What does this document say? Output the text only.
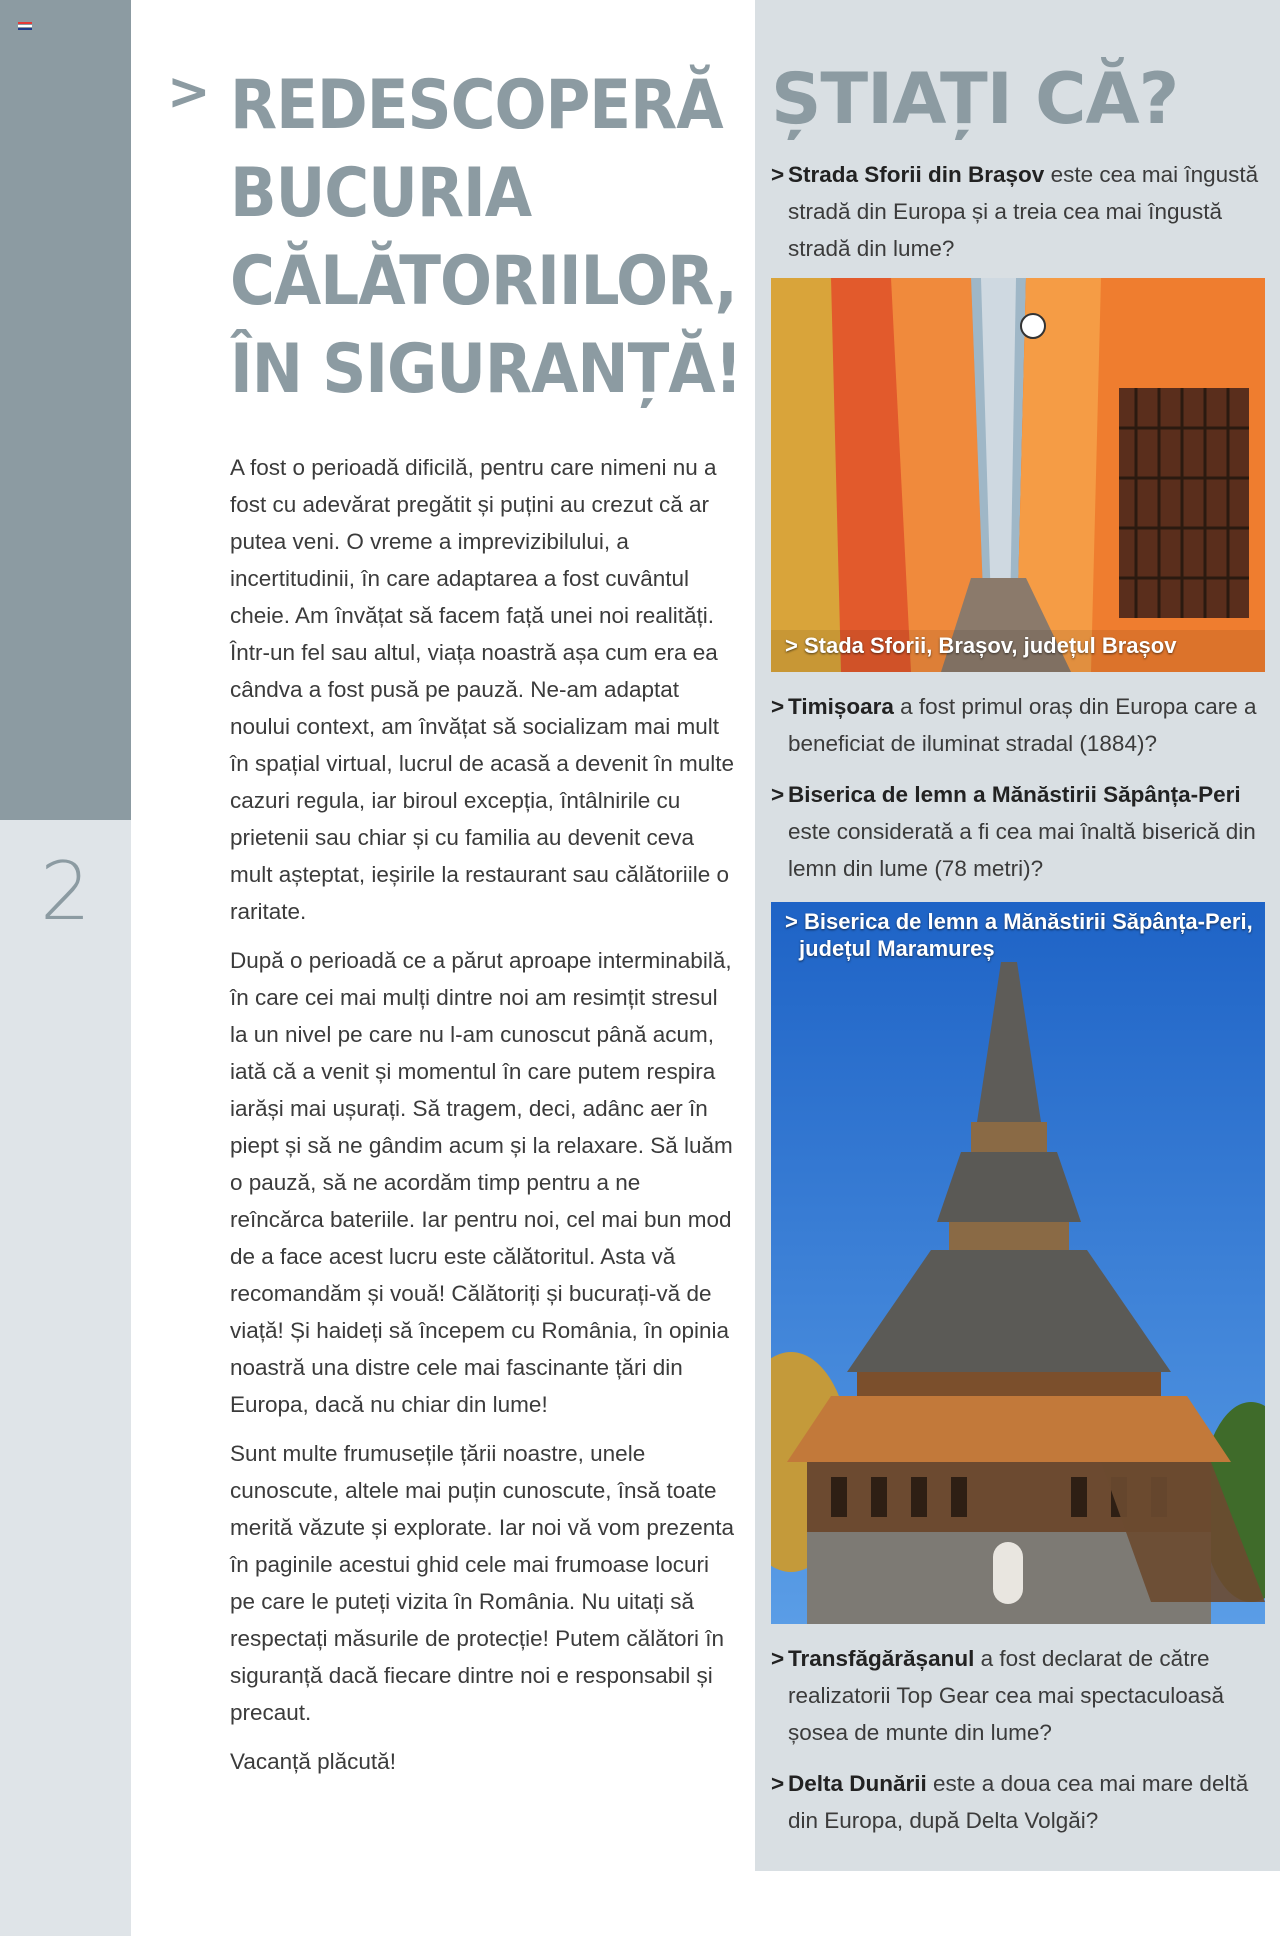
2
> REDESCOPERĂ
BUCURIA
CĂLĂTORIILOR,
ÎN SIGURANȚĂ!

A fost o perioadă dificilă, pentru care nimeni nu a fost cu adevărat pregătit și puțini au crezut că ar putea veni. O vreme a imprevizibilului, a incertitudinii, în care adaptarea a fost cuvântul cheie. Am învățat să facem față unei noi realități. Într-un fel sau altul, viața noastră așa cum era ea cândva a fost pusă pe pauză. Ne-am adaptat noului context, am învățat să socializam mai mult în spațial virtual, lucrul de acasă a devenit în multe cazuri regula, iar biroul excepția, întâlnirile cu prietenii sau chiar și cu familia au devenit ceva mult așteptat, ieșirile la restaurant sau călătoriile o raritate.

După o perioadă ce a părut aproape interminabilă, în care cei mai mulți dintre noi am resimțit stresul la un nivel pe care nu l-am cunoscut până acum, iată că a venit și momentul în care putem respira iarăși mai ușurați. Să tragem, deci, adânc aer în piept și să ne gândim acum și la relaxare. Să luăm o pauză, să ne acordăm timp pentru a ne reîncărca bateriile. Iar pentru noi, cel mai bun mod de a face acest lucru este călătoritul. Asta vă recomandăm și vouă! Călătoriți și bucurați-vă de viață! Și haideți să începem cu România, în opinia noastră una distre cele mai fascinante țări din Europa, dacă nu chiar din lume!

Sunt multe frumusețile țării noastre, unele cunoscute, altele mai puțin cunoscute, însă toate merită văzute și explorate. Iar noi vă vom prezenta în paginile acestui ghid cele mai frumoase locuri pe care le puteți vizita în România. Nu uitați să respectați măsurile de protecție! Putem călători în siguranță dacă fiecare dintre noi e responsabil și precaut.

Vacanță plăcută!

ȘTIAȚI CĂ?
> Strada Sforii din Brașov este cea mai îngustă stradă din Europa și a treia cea mai îngustă stradă din lume?
> Stada Sforii, Brașov, județul Brașov
> Timișoara a fost primul oraș din Europa care a beneficiat de iluminat stradal (1884)?
> Biserica de lemn a Mănăstirii Săpânța-Peri este considerată a fi cea mai înaltă biserică din lemn din lume (78 metri)?
> Biserica de lemn a Mănăstirii Săpânța-Peri,
județul Maramureș
> Transfăgărășanul a fost declarat de către realizatorii Top Gear cea mai spectaculoasă șosea de munte din lume?
> Delta Dunării este a doua cea mai mare deltă din Europa, după Delta Volgăi?
